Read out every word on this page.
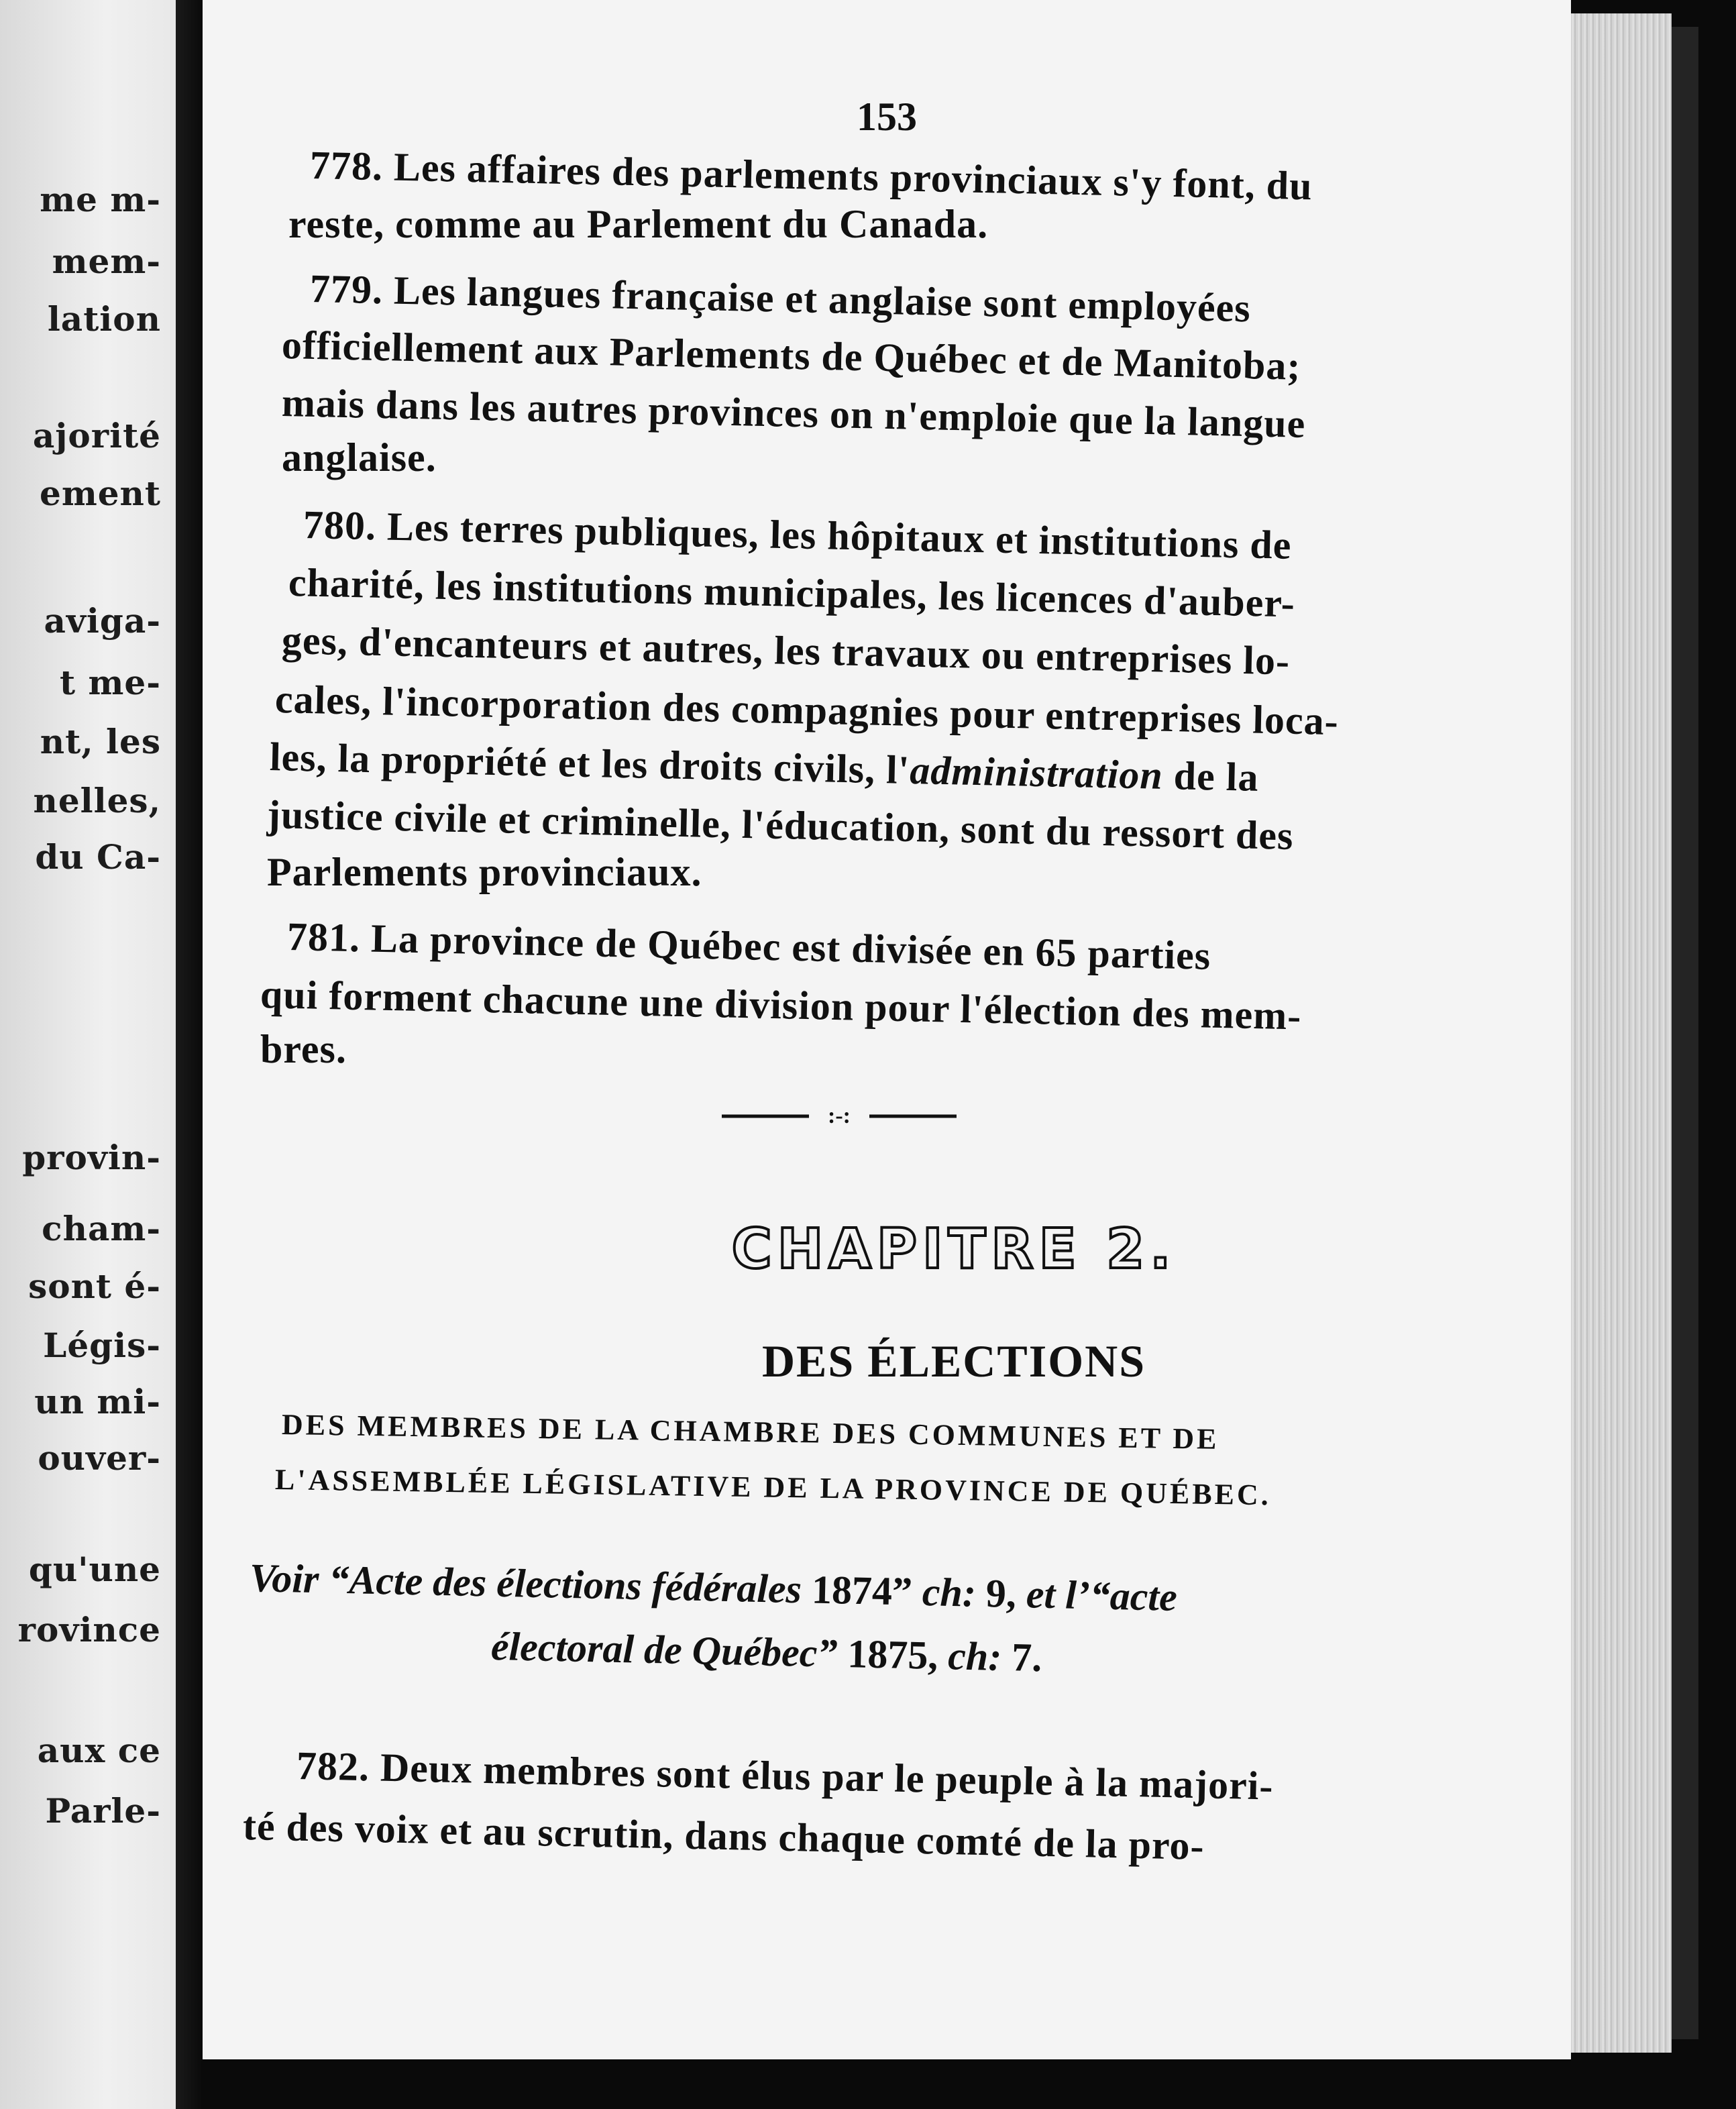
me m-
mem-
lation
ajorité
ement
aviga-
t me-
nt, les
nelles,
du Ca-
provin-
cham-
sont é-
Légis-
un mi-
ouver-
qu'une
rovince
aux ce
Parle-
153
778. Les affaires des parlements provinciaux s'y font, du
reste, comme au Parlement du Canada.
779. Les langues française et anglaise sont employées
officiellement aux Parlements de Québec et de Manitoba;
mais dans les autres provinces on n'emploie que la langue
anglaise.
780. Les terres publiques, les hôpitaux et institutions de
charité, les institutions municipales, les licences d'auber-
ges, d'encanteurs et autres, les travaux ou entreprises lo-
cales, l'incorporation des compagnies pour entreprises loca-
les, la propriété et les droits civils, l'administration de la
justice civile et criminelle, l'éducation, sont du ressort des
Parlements provinciaux.
781. La province de Québec est divisée en 65 parties
qui forment chacune une division pour l'élection des mem-
bres.
:-:
CHAPITRE 2.
DES ÉLECTIONS
DES MEMBRES DE LA CHAMBRE DES COMMUNES ET DE
L'ASSEMBLÉE LÉGISLATIVE DE LA PROVINCE DE QUÉBEC.
Voir “Acte des élections fédérales 1874” ch: 9, et l’“acte
électoral de Québec” 1875, ch: 7.
782. Deux membres sont élus par le peuple à la majori-
té des voix et au scrutin, dans chaque comté de la pro-
